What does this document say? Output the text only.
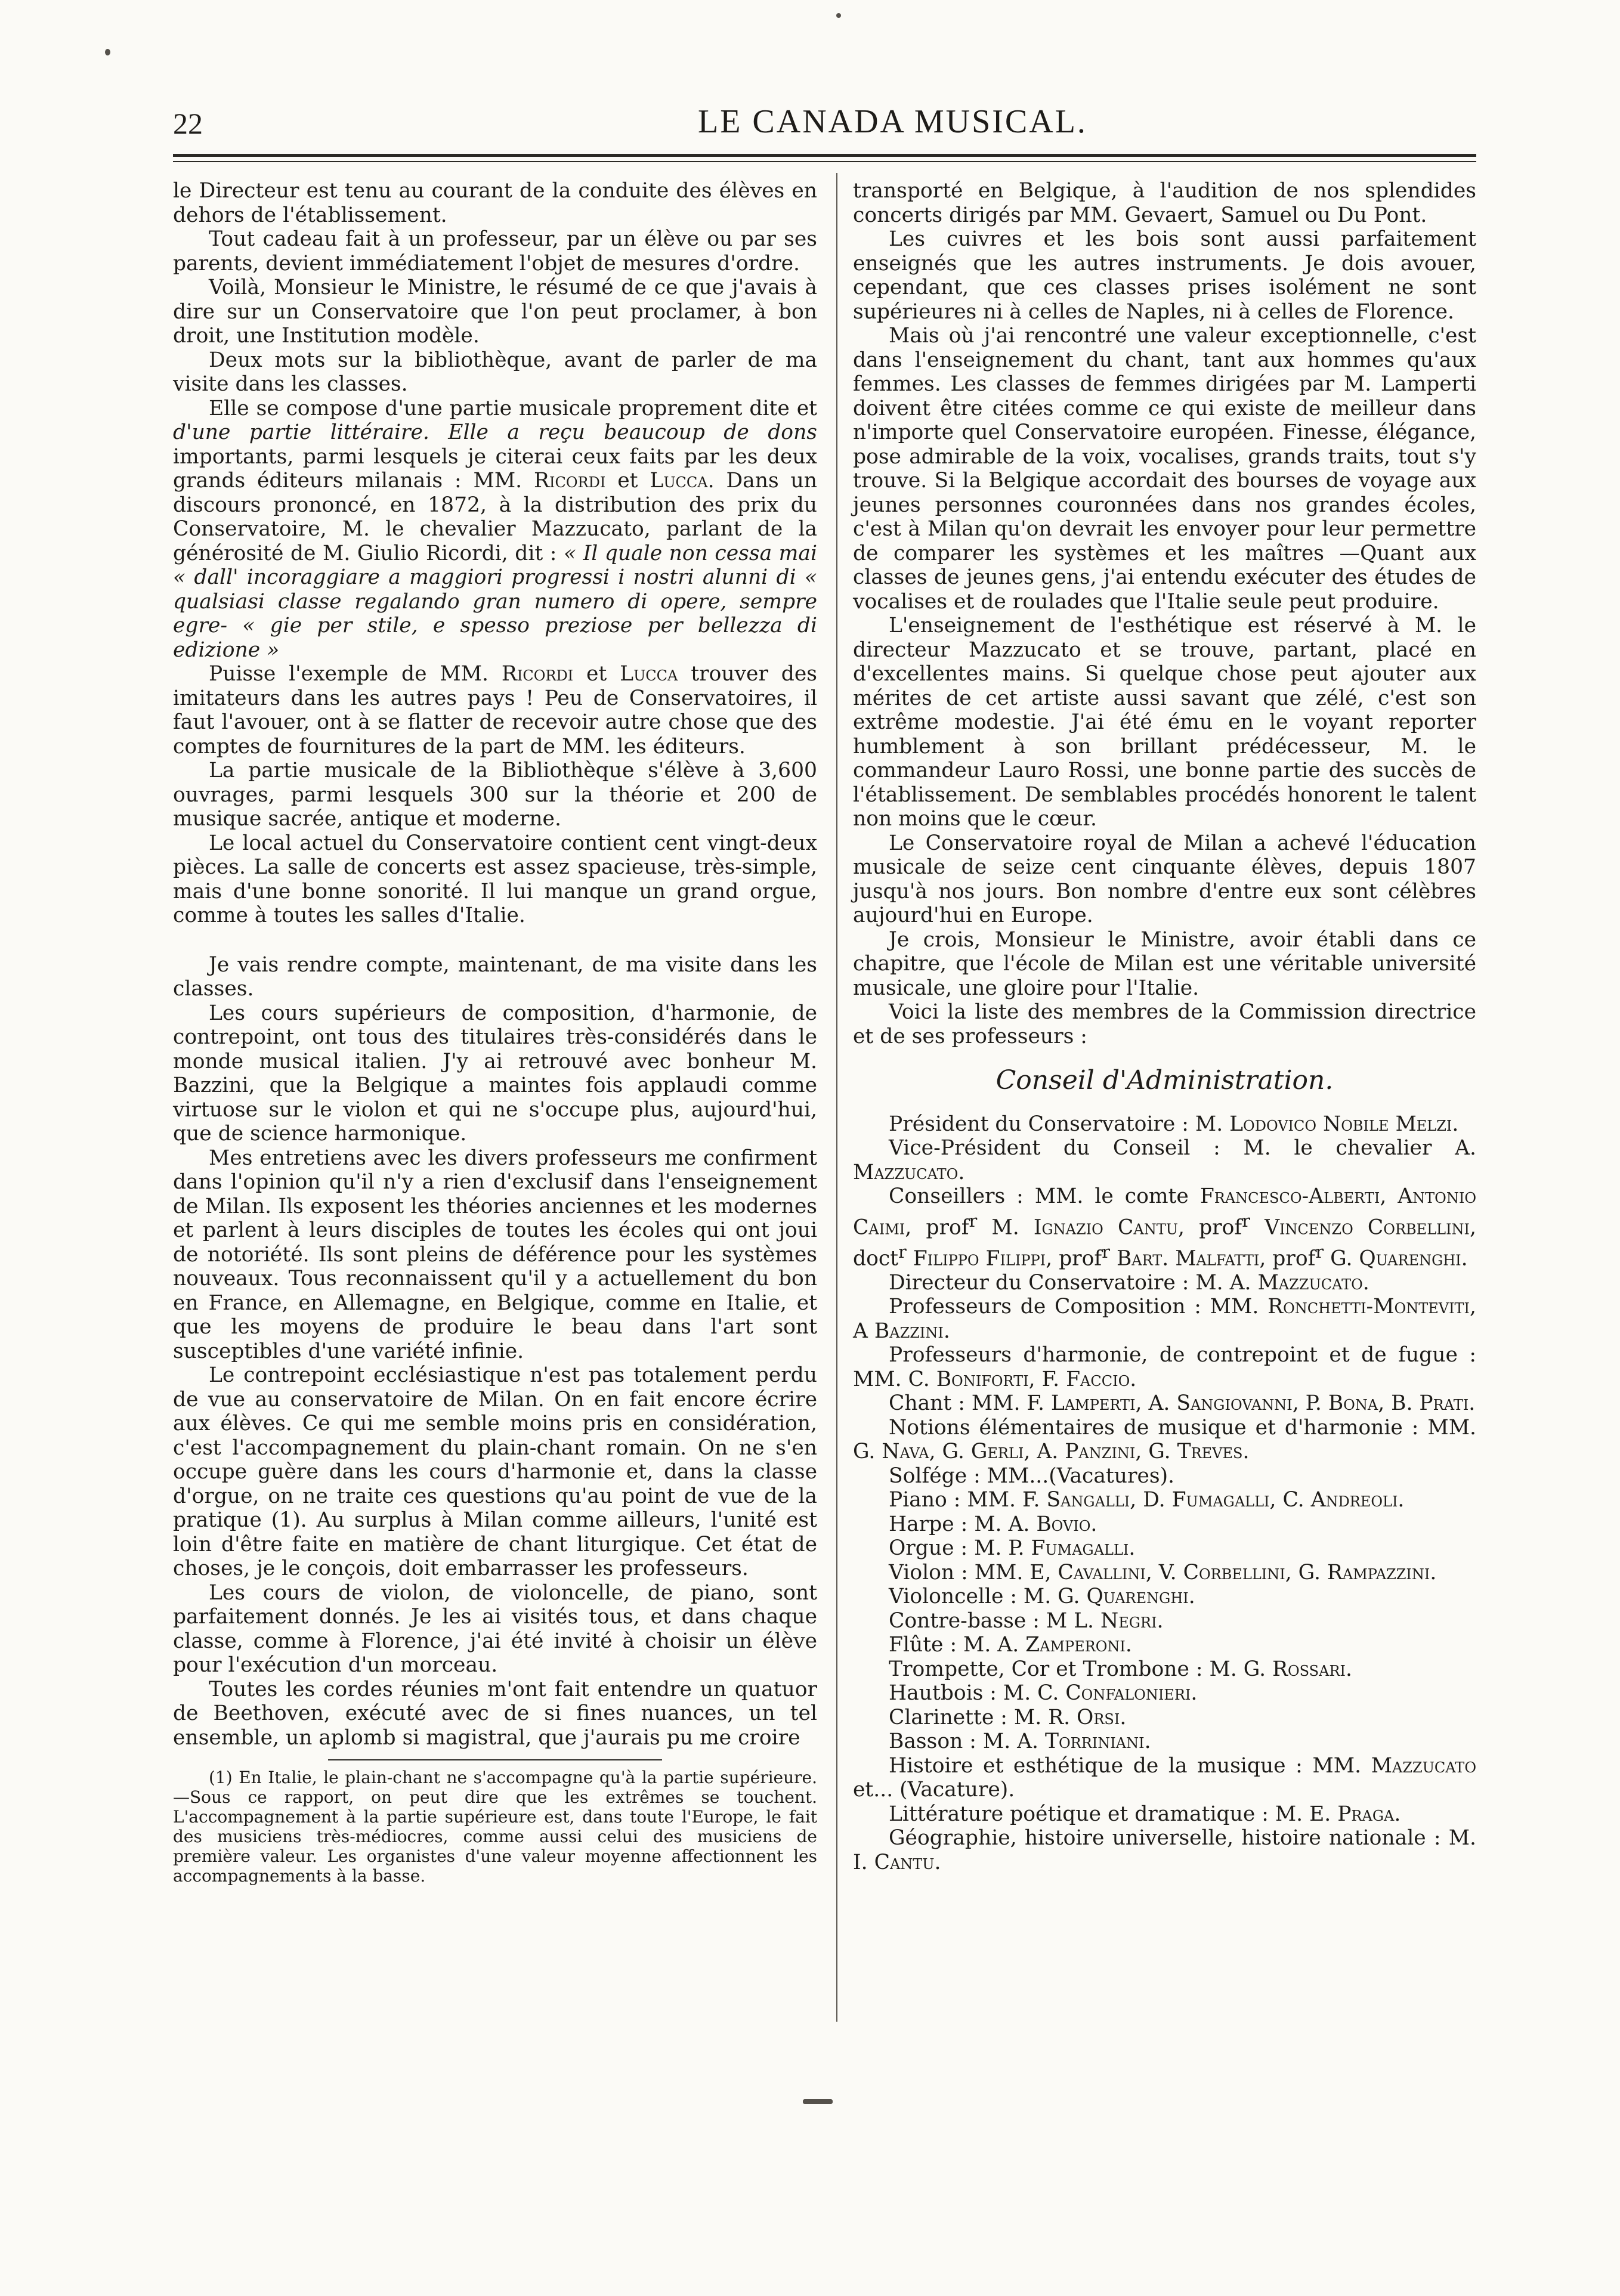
22	LE CANADA MUSICAL.

le Directeur est tenu au courant de la conduite des élèves en dehors de l'établissement.

Tout cadeau fait à un professeur, par un élève ou par ses parents, devient immédiatement l'objet de mesures d'ordre.

Voilà, Monsieur le Ministre, le résumé de ce que j'avais à dire sur un Conservatoire que l'on peut proclamer, à bon droit, une Institution modèle.

Deux mots sur la bibliothèque, avant de parler de ma visite dans les classes.

Elle se compose d'une partie musicale proprement dite et d'une partie littéraire. Elle a reçu beaucoup de dons importants, parmi lesquels je citerai ceux faits par les deux grands éditeurs milanais : MM. Ricordi et Lucca. Dans un discours prononcé, en 1872, à la distribution des prix du Conservatoire, M. le chevalier Mazzucato, parlant de la générosité de M. Giulio Ricordi, dit : « Il quale non cessa mai « dall' incoraggiare a maggiori progressi i nostri alunni di « qualsiasi classe regalando gran numero di opere, sempre egre- « gie per stile, e spesso preziose per bellezza di edizione »

Puisse l'exemple de MM. Ricordi et Lucca trouver des imitateurs dans les autres pays ! Peu de Conservatoires, il faut l'avouer, ont à se flatter de recevoir autre chose que des comptes de fournitures de la part de MM. les éditeurs.

La partie musicale de la Bibliothèque s'élève à 3,600 ouvrages, parmi lesquels 300 sur la théorie et 200 de musique sacrée, antique et moderne.

Le local actuel du Conservatoire contient cent vingt-deux pièces. La salle de concerts est assez spacieuse, très-simple, mais d'une bonne sonorité. Il lui manque un grand orgue, comme à toutes les salles d'Italie.

Je vais rendre compte, maintenant, de ma visite dans les classes.

Les cours supérieurs de composition, d'harmonie, de contrepoint, ont tous des titulaires très-considérés dans le monde musical italien. J'y ai retrouvé avec bonheur M. Bazzini, que la Belgique a maintes fois applaudi comme virtuose sur le violon et qui ne s'occupe plus, aujourd'hui, que de science harmonique.

Mes entretiens avec les divers professeurs me confirment dans l'opinion qu'il n'y a rien d'exclusif dans l'enseignement de Milan. Ils exposent les théories anciennes et les modernes et parlent à leurs disciples de toutes les écoles qui ont joui de notoriété. Ils sont pleins de déférence pour les systèmes nouveaux. Tous reconnaissent qu'il y a actuellement du bon en France, en Allemagne, en Belgique, comme en Italie, et que les moyens de produire le beau dans l'art sont susceptibles d'une variété infinie.

Le contrepoint ecclésiastique n'est pas totalement perdu de vue au conservatoire de Milan. On en fait encore écrire aux élèves. Ce qui me semble moins pris en considération, c'est l'accompagnement du plain-chant romain. On ne s'en occupe guère dans les cours d'harmonie et, dans la classe d'orgue, on ne traite ces questions qu'au point de vue de la pratique (1). Au surplus à Milan comme ailleurs, l'unité est loin d'être faite en matière de chant liturgique. Cet état de choses, je le conçois, doit embarrasser les professeurs.

Les cours de violon, de violoncelle, de piano, sont parfaitement donnés. Je les ai visités tous, et dans chaque classe, comme à Florence, j'ai été invité à choisir un élève pour l'exécution d'un morceau.

Toutes les cordes réunies m'ont fait entendre un quatuor de Beethoven, exécuté avec de si fines nuances, un tel ensemble, un aplomb si magistral, que j'aurais pu me croire

(1) En Italie, le plain-chant ne s'accompagne qu'à la partie supérieure.—Sous ce rapport, on peut dire que les extrêmes se touchent. L'accompagnement à la partie supérieure est, dans toute l'Europe, le fait des musiciens très-médiocres, comme aussi celui des musiciens de première valeur. Les organistes d'une valeur moyenne affectionnent les accompagnements à la basse.

transporté en Belgique, à l'audition de nos splendides concerts dirigés par MM. Gevaert, Samuel ou Du Pont.

Les cuivres et les bois sont aussi parfaitement enseignés que les autres instruments. Je dois avouer, cependant, que ces classes prises isolément ne sont supérieures ni à celles de Naples, ni à celles de Florence.

Mais où j'ai rencontré une valeur exceptionnelle, c'est dans l'enseignement du chant, tant aux hommes qu'aux femmes. Les classes de femmes dirigées par M. Lamperti doivent être citées comme ce qui existe de meilleur dans n'importe quel Conservatoire européen. Finesse, élégance, pose admirable de la voix, vocalises, grands traits, tout s'y trouve. Si la Belgique accordait des bourses de voyage aux jeunes personnes couronnées dans nos grandes écoles, c'est à Milan qu'on devrait les envoyer pour leur permettre de comparer les systèmes et les maîtres —Quant aux classes de jeunes gens, j'ai entendu exécuter des études de vocalises et de roulades que l'Italie seule peut produire.

L'enseignement de l'esthétique est réservé à M. le directeur Mazzucato et se trouve, partant, placé en d'excellentes mains. Si quelque chose peut ajouter aux mérites de cet artiste aussi savant que zélé, c'est son extrême modestie. J'ai été ému en le voyant reporter humblement à son brillant prédécesseur, M. le commandeur Lauro Rossi, une bonne partie des succès de l'établissement. De semblables procédés honorent le talent non moins que le cœur.

Le Conservatoire royal de Milan a achevé l'éducation musicale de seize cent cinquante élèves, depuis 1807 jusqu'à nos jours. Bon nombre d'entre eux sont célèbres aujourd'hui en Europe.

Je crois, Monsieur le Ministre, avoir établi dans ce chapitre, que l'école de Milan est une véritable université musicale, une gloire pour l'Italie.

Voici la liste des membres de la Commission directrice et de ses professeurs :

Conseil d'Administration.

Président du Conservatoire : M. Lodovico Nobile Melzi.

Vice-Président du Conseil : M. le chevalier A. Mazzucato.

Conseillers : MM. le comte Francesco-Alberti, Antonio Caimi, prof$^r$ M. Ignazio Cantu, prof$^r$ Vincenzo Corbellini, doct$^r$ Filippo Filippi, prof$^r$ Bart. Malfatti, prof$^r$ G. Quarenghi.

Directeur du Conservatoire : M. A. Mazzucato.

Professeurs de Composition : MM. Ronchetti-Monteviti, A Bazzini.

Professeurs d'harmonie, de contrepoint et de fugue : MM. C. Boniforti, F. Faccio.

Chant : MM. F. Lamperti, A. Sangiovanni, P. Bona, B. Prati.

Notions élémentaires de musique et d'harmonie : MM. G. Nava, G. Gerli, A. Panzini, G. Treves.

Solfége : MM...(Vacatures).

Piano : MM. F. Sangalli, D. Fumagalli, C. Andreoli.

Harpe : M. A. Bovio.

Orgue : M. P. Fumagalli.

Violon : MM. E, Cavallini, V. Corbellini, G. Rampazzini.

Violoncelle : M. G. Quarenghi.

Contre-basse : M L. Negri.

Flûte : M. A. Zamperoni.

Trompette, Cor et Trombone : M. G. Rossari.

Hautbois : M. C. Confalonieri.

Clarinette : M. R. Orsi.

Basson : M. A. Torriniani.

Histoire et esthétique de la musique : MM. Mazzucato et... (Vacature).

Littérature poétique et dramatique : M. E. Praga.

Géographie, histoire universelle, histoire nationale : M. I. Cantu.
